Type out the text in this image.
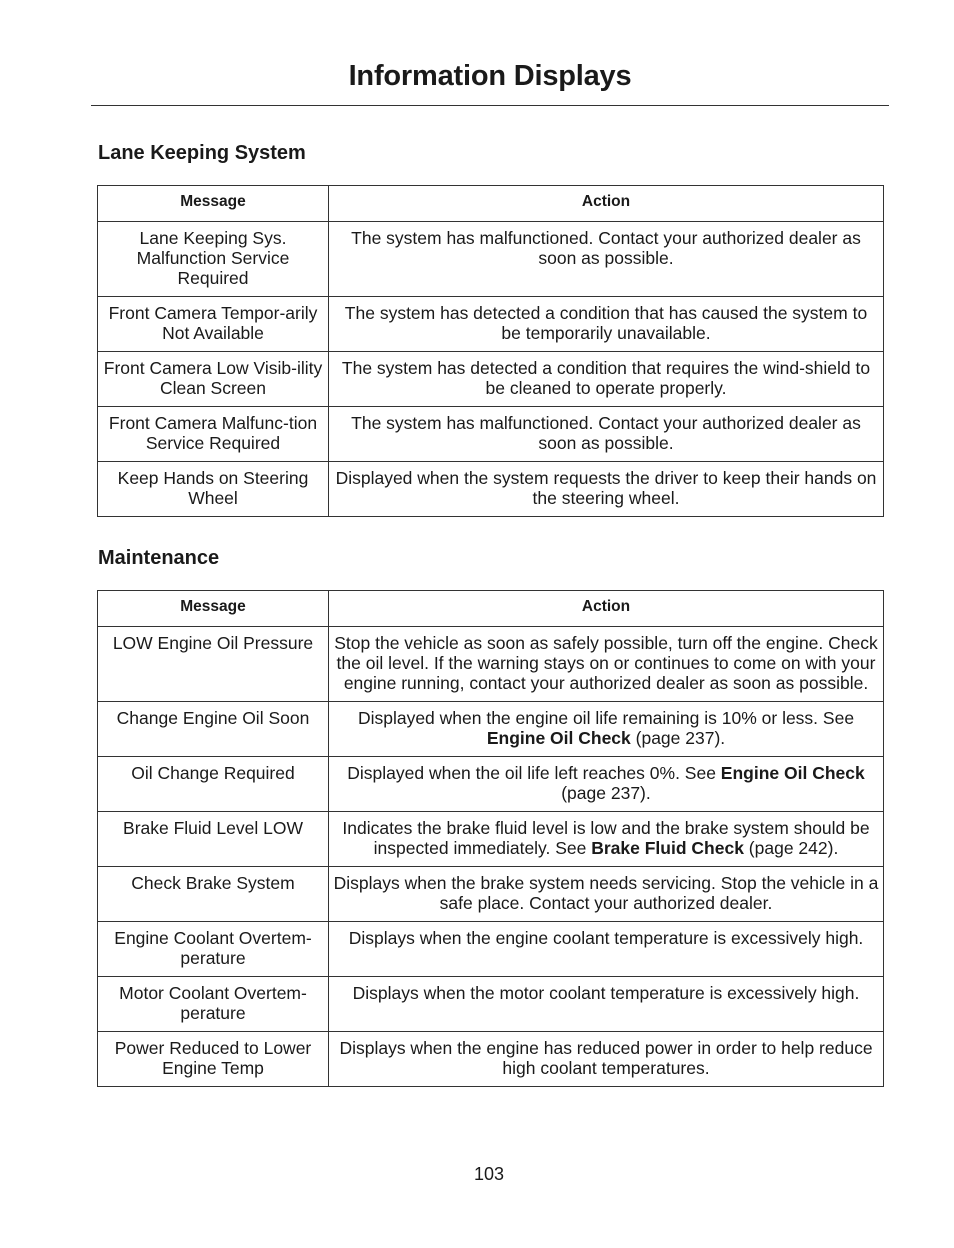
Information Displays
Lane Keeping System
Message	Action
Lane Keeping Sys. Malfunction Service Required	The system has malfunctioned. Contact your authorized dealer as soon as possible.
Front Camera Tempor-arily Not Available	The system has detected a condition that has caused the system to be temporarily unavailable.
Front Camera Low Visib-ility Clean Screen	The system has detected a condition that requires the wind-shield to be cleaned to operate properly.
Front Camera Malfunc-tion Service Required	The system has malfunctioned. Contact your authorized dealer as soon as possible.
Keep Hands on Steering Wheel	Displayed when the system requests the driver to keep their hands on the steering wheel.
Maintenance
Message	Action
LOW Engine Oil Pressure	Stop the vehicle as soon as safely possible, turn off the engine. Check the oil level. If the warning stays on or continues to come on with your engine running, contact your authorized dealer as soon as possible.
Change Engine Oil Soon	Displayed when the engine oil life remaining is 10% or less. See Engine Oil Check (page 237).
Oil Change Required	Displayed when the oil life left reaches 0%. See Engine Oil Check (page 237).
Brake Fluid Level LOW	Indicates the brake fluid level is low and the brake system should be inspected immediately. See Brake Fluid Check (page 242).
Check Brake System	Displays when the brake system needs servicing. Stop the vehicle in a safe place. Contact your authorized dealer.
Engine Coolant Overtem-perature	Displays when the engine coolant temperature is excessively high.
Motor Coolant Overtem-perature	Displays when the motor coolant temperature is excessively high.
Power Reduced to Lower Engine Temp	Displays when the engine has reduced power in order to help reduce high coolant temperatures.
103
